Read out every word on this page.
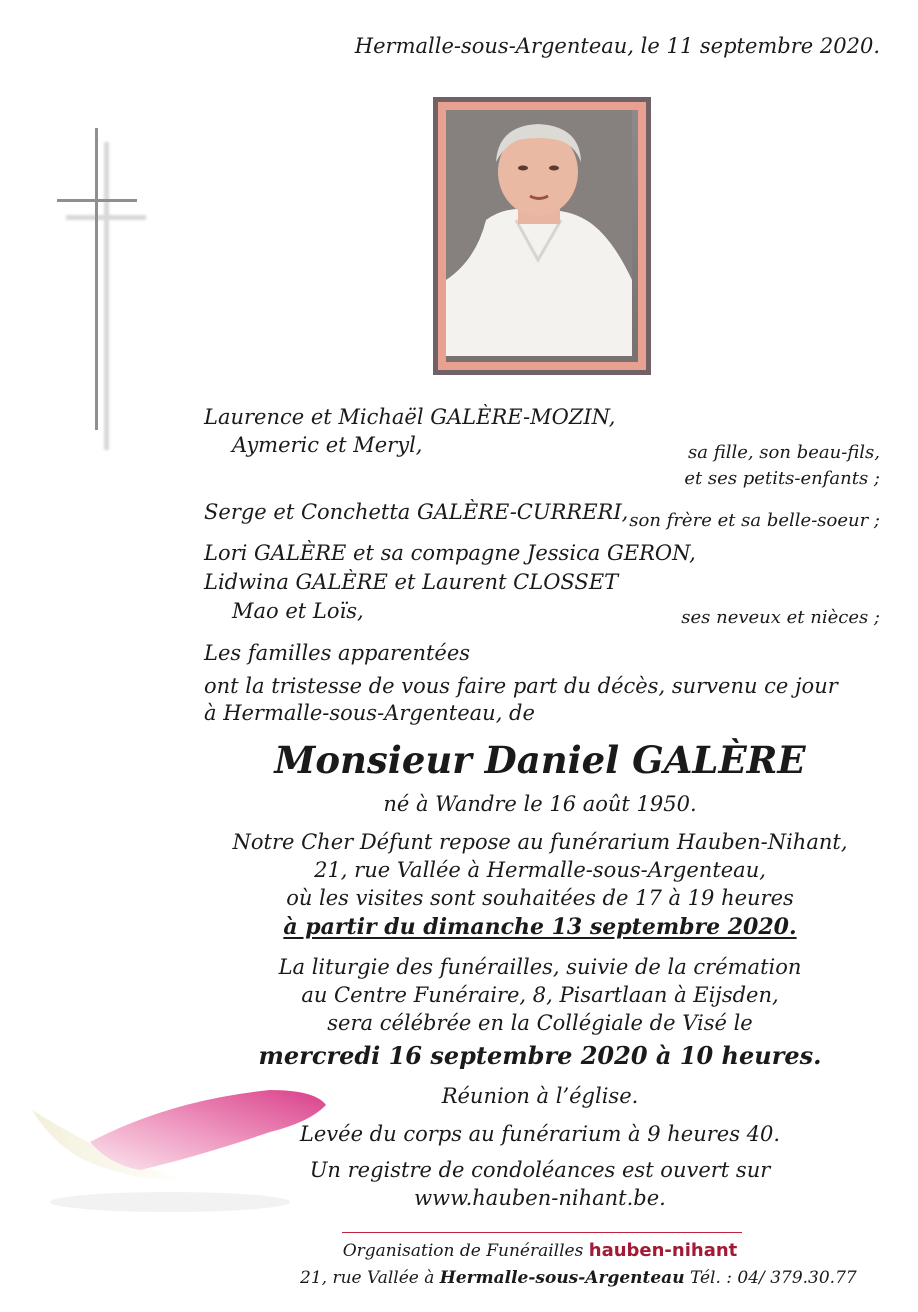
Hermalle-sous-Argenteau, le 11 septembre 2020.
Laurence et Michaël GALÈRE-MOZIN,
Aymeric et Meryl,	sa fille, son beau-fils,
et ses petits-enfants ;
Serge et Conchetta GALÈRE-CURRERI, son frère et sa belle-soeur ;
Lori GALÈRE et sa compagne Jessica GERON,
Lidwina GALÈRE et Laurent CLOSSET
Mao et Loïs,	ses neveux et nièces ;
Les familles apparentées
ont la tristesse de vous faire part du décès, survenu ce jour
à Hermalle-sous-Argenteau, de
Monsieur Daniel GALÈRE
né à Wandre le 16 août 1950.
Notre Cher Défunt repose au funérarium Hauben-Nihant,
21, rue Vallée à Hermalle-sous-Argenteau,
où les visites sont souhaitées de 17 à 19 heures
à partir du dimanche 13 septembre 2020.
La liturgie des funérailles, suivie de la crémation
au Centre Funéraire, 8, Pisartlaan à Eijsden,
sera célébrée en la Collégiale de Visé le
mercredi 16 septembre 2020 à 10 heures.
Réunion à l’église.
Levée du corps au funérarium à 9 heures 40.
Un registre de condoléances est ouvert sur
www.hauben-nihant.be.
Organisation de Funérailles hauben-nihant
21, rue Vallée à Hermalle-sous-Argenteau Tél. : 04/ 379.30.77
